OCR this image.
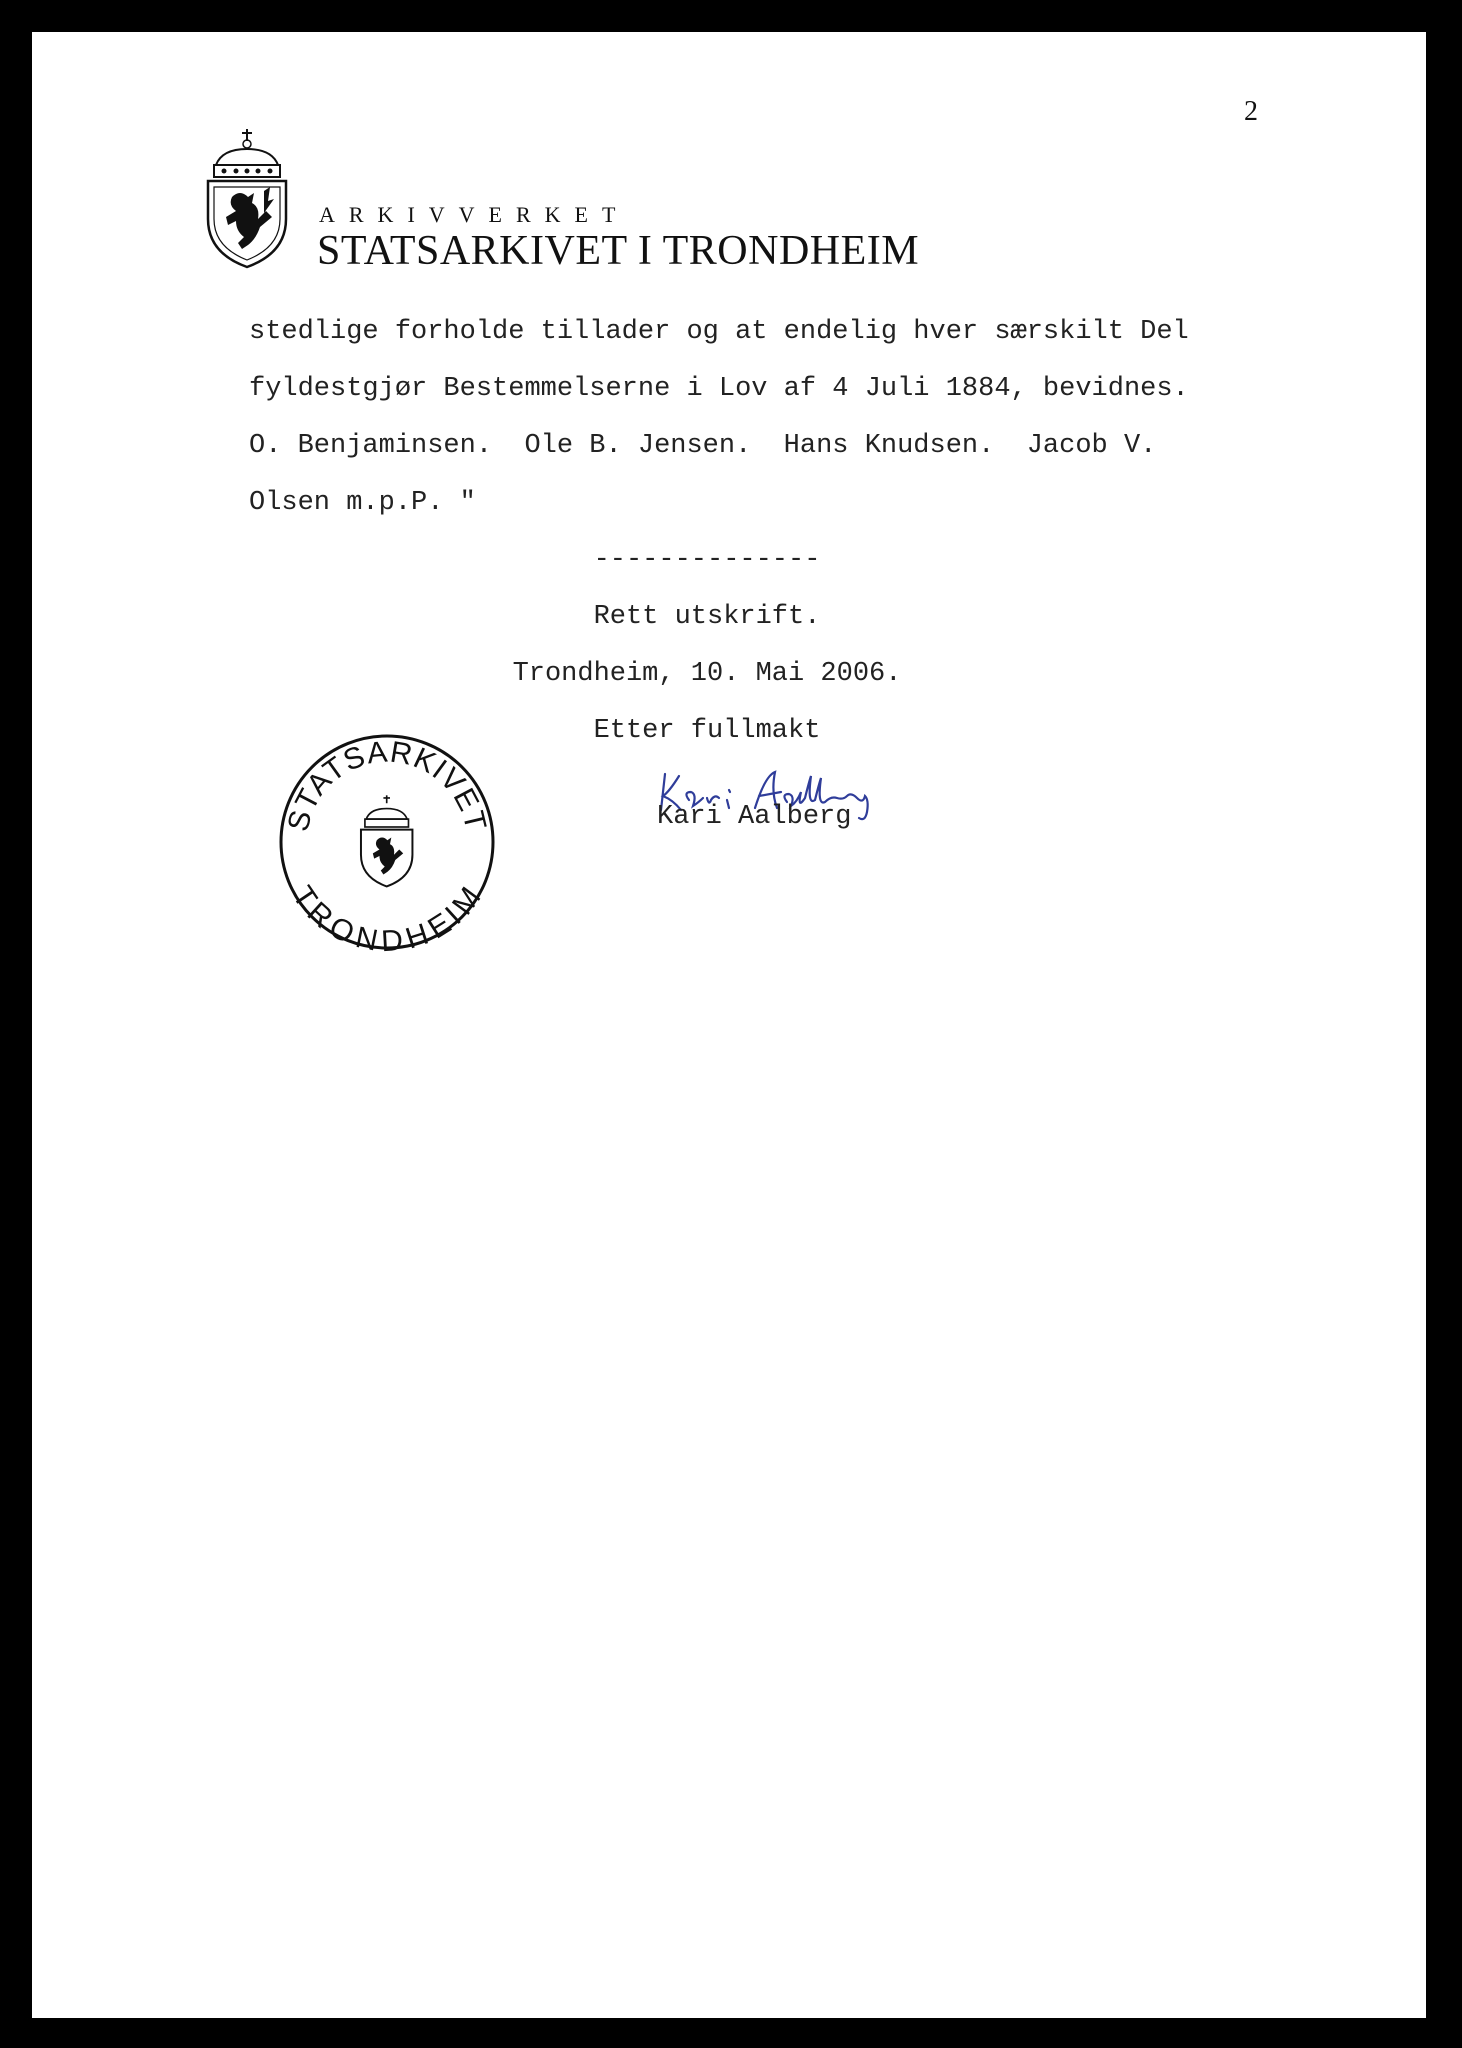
2
ARKIVVERKET
STATSARKIVET I TRONDHEIM
stedlige forholde tillader og at endelig hver særskilt Del
fyldestgjør Bestemmelserne i Lov af 4 Juli 1884, bevidnes.
O. Benjaminsen.  Ole B. Jensen.  Hans Knudsen.  Jacob V.
Olsen m.p.P. "
--------------
Rett utskrift.
Trondheim, 10. Mai 2006.
Etter fullmakt
STATSARKIVET
TRONDHEIM
Kari Aalberg
